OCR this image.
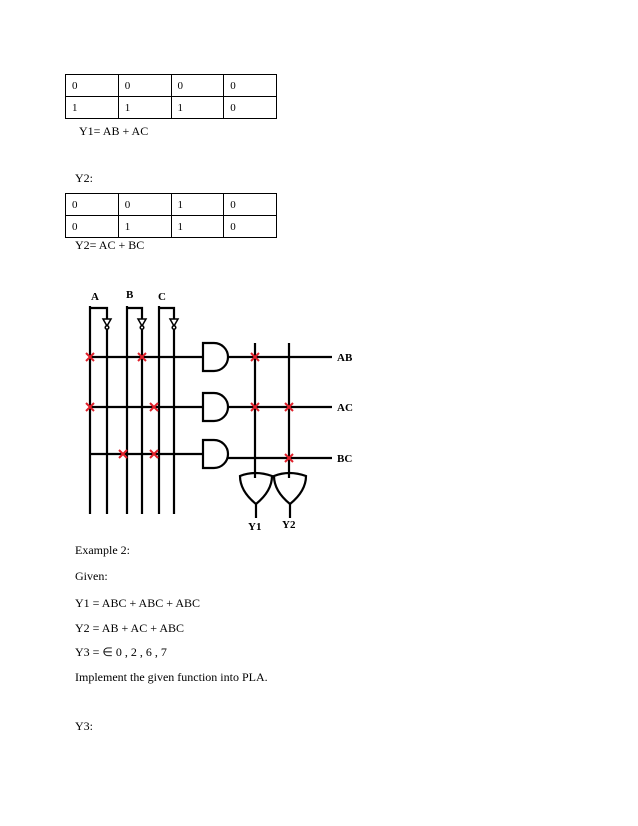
0	0	0	0
1	1	1	0
Y1= AB + AC
Y2:
0	0	1	0
0	1	1	0
Y2= AC + BC
A B C
AB
AC
BC
Y1 Y2
Example 2:
Given:
Y1 = ABC + ABC + ABC
Y2 = AB + AC + ABC
Y3 = ∈ 0 , 2 , 6 , 7
Implement the given function into PLA.
Y3:
